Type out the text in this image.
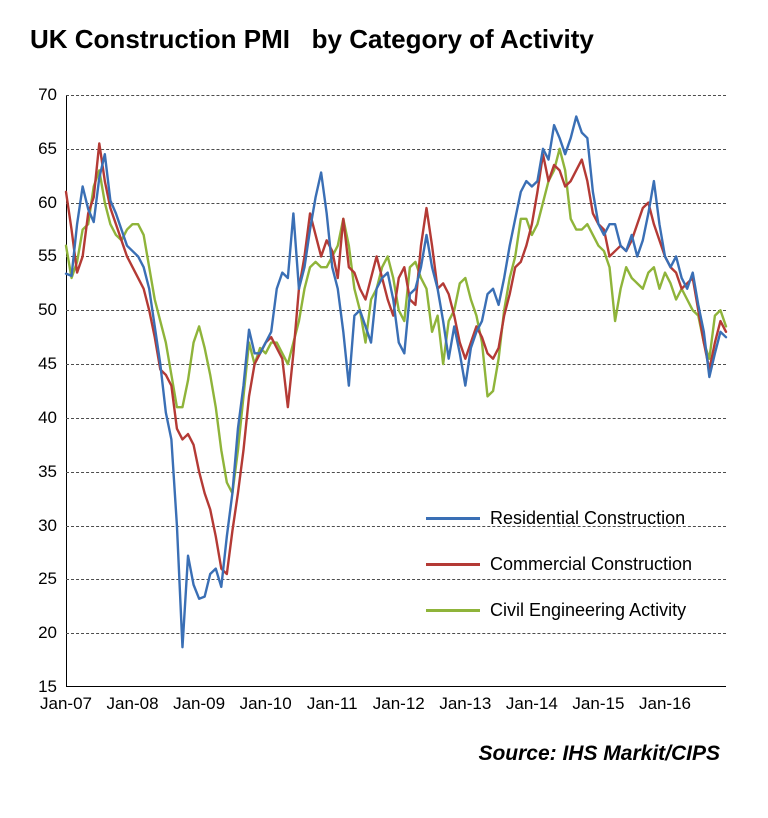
UK Construction PMI   by Category of Activity
15
20
25
30
35
40
45
50
55
60
65
70
Jan-07 Jan-08 Jan-09 Jan-10 Jan-11 Jan-12 Jan-13 Jan-14 Jan-15 Jan-16
Residential Construction
Commercial Construction
Civil Engineering Activity
Source: IHS Markit/CIPS
